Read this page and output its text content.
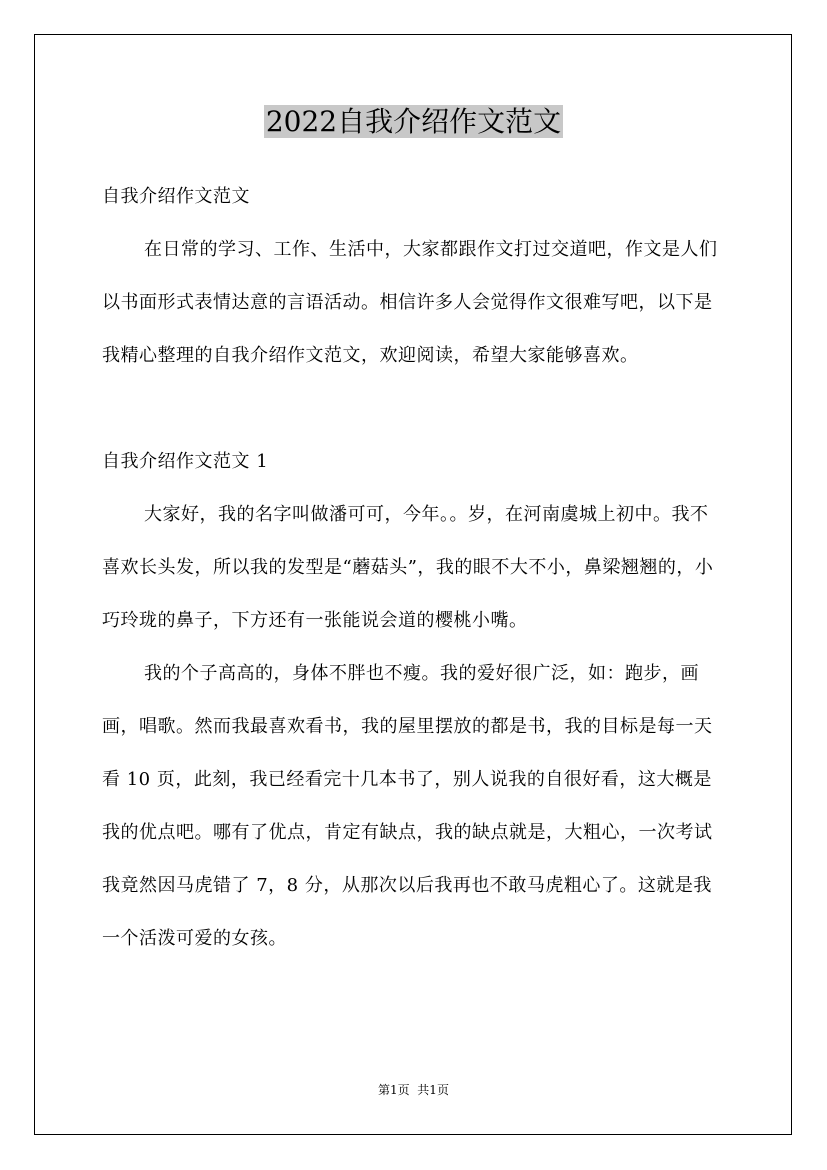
2022自我介绍作文范文

自我介绍作文范文

在日常的学习、工作、生活中，大家都跟作文打过交道吧，作文是人们以书面形式表情达意的言语活动。相信许多人会觉得作文很难写吧，以下是我精心整理的自我介绍作文范文，欢迎阅读，希望大家能够喜欢。

自我介绍作文范文 1

大家好，我的名字叫做潘可可，今年。。岁，在河南虞城上初中。我不喜欢长头发，所以我的发型是“蘑菇头”，我的眼不大不小，鼻梁翘翘的，小巧玲珑的鼻子，下方还有一张能说会道的樱桃小嘴。

我的个子高高的，身体不胖也不瘦。我的爱好很广泛，如：跑步，画画，唱歌。然而我最喜欢看书，我的屋里摆放的都是书，我的目标是每一天看 10 页，此刻，我已经看完十几本书了，别人说我的自很好看，这大概是我的优点吧。哪有了优点，肯定有缺点，我的缺点就是，大粗心，一次考试我竟然因马虎错了 7，8 分，从那次以后我再也不敢马虎粗心了。这就是我一个活泼可爱的女孩。

第1页  共1页
